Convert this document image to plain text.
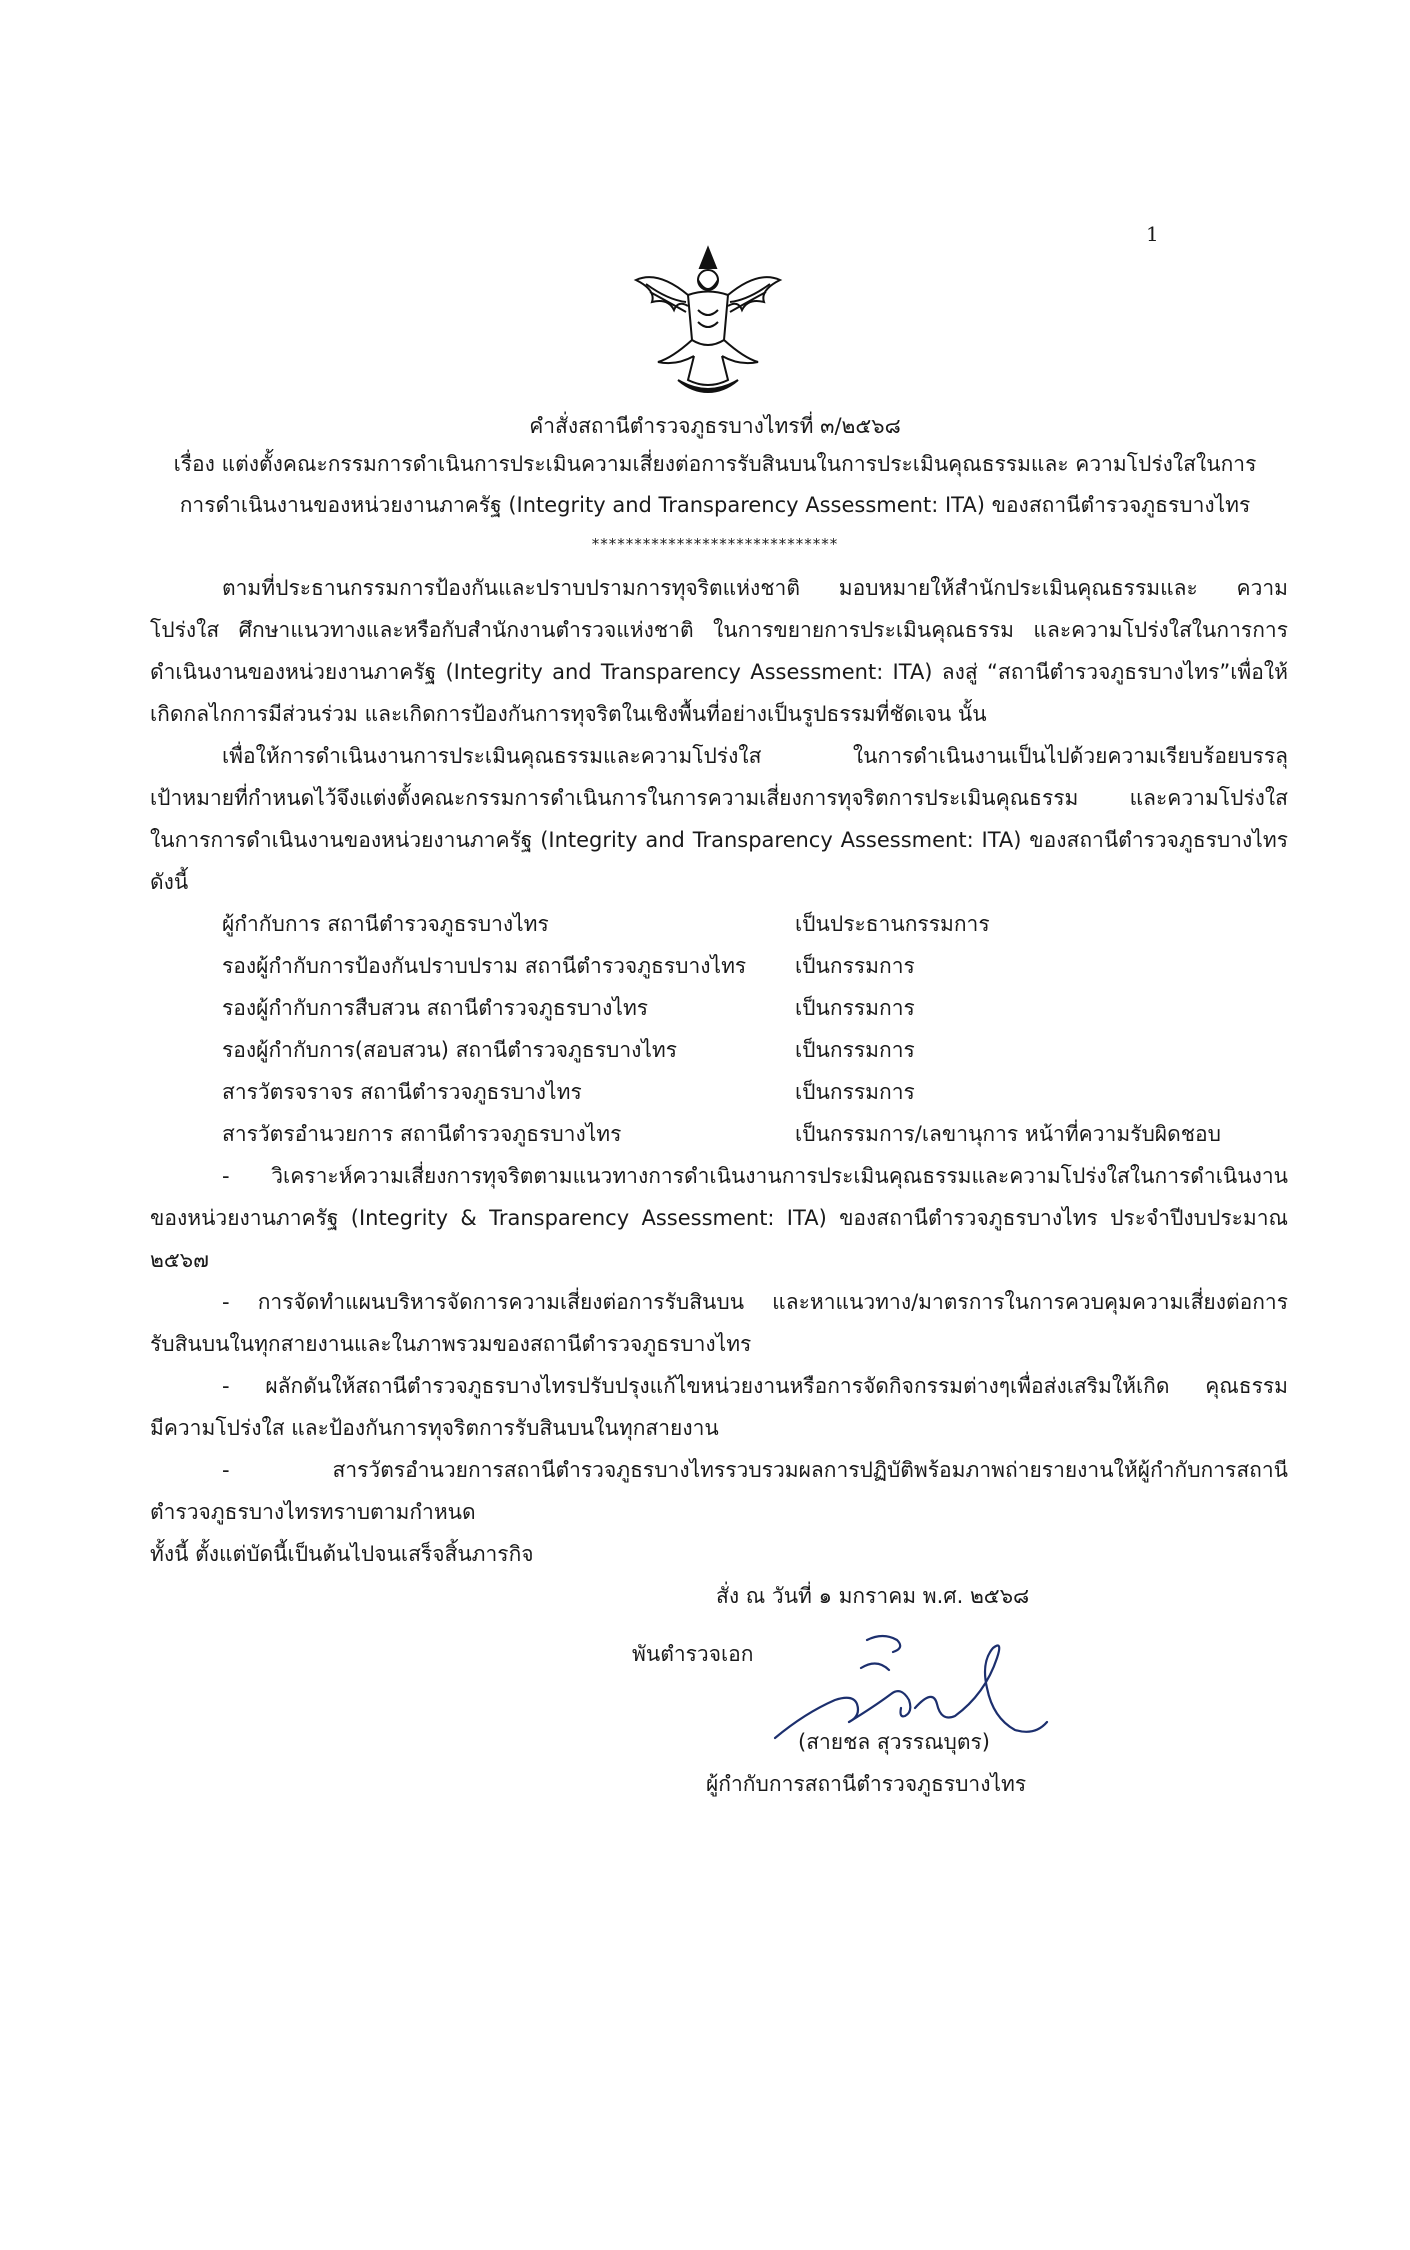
1
คำสั่งสถานีตำรวจภูธรบางไทรที่ ๓/๒๕๖๘
เรื่อง แต่งตั้งคณะกรรมการดำเนินการประเมินความเสี่ยงต่อการรับสินบนในการประเมินคุณธรรมและ ความโปร่งใสในการ
การดำเนินงานของหน่วยงานภาครัฐ (Integrity and Transparency Assessment: ITA) ของสถานีตำรวจภูธรบางไทร
*****************************
ตามที่ประธานกรรมการป้องกันและปราบปรามการทุจริตแห่งชาติ มอบหมายให้สำนักประเมินคุณธรรมและ ความ
โปร่งใส ศึกษาแนวทางและหรือกับสำนักงานตำรวจแห่งชาติ ในการขยายการประเมินคุณธรรม และความโปร่งใสในการการ
ดำเนินงานของหน่วยงานภาครัฐ (Integrity and Transparency Assessment: ITA) ลงสู่ “สถานีตำรวจภูธรบางไทร”เพื่อให้
เกิดกลไกการมีส่วนร่วม และเกิดการป้องกันการทุจริตในเชิงพื้นที่อย่างเป็นรูปธรรมที่ชัดเจน นั้น
เพื่อให้การดำเนินงานการประเมินคุณธรรมและความโปร่งใส ในการดำเนินงานเป็นไปด้วยความเรียบร้อยบรรลุ
เป้าหมายที่กำหนดไว้จึงแต่งตั้งคณะกรรมการดำเนินการในการความเสี่ยงการทุจริตการประเมินคุณธรรม และความโปร่งใส
ในการการดำเนินงานของหน่วยงานภาครัฐ (Integrity and Transparency Assessment: ITA) ของสถานีตำรวจภูธรบางไทร
ดังนี้
ผู้กำกับการ สถานีตำรวจภูธรบางไทร	เป็นประธานกรรมการ
รองผู้กำกับการป้องกันปราบปราม สถานีตำรวจภูธรบางไทร เป็นกรรมการ
รองผู้กำกับการสืบสวน สถานีตำรวจภูธรบางไทร	เป็นกรรมการ
รองผู้กำกับการ(สอบสวน) สถานีตำรวจภูธรบางไทร	เป็นกรรมการ
สารวัตรจราจร สถานีตำรวจภูธรบางไทร	เป็นกรรมการ
สารวัตรอำนวยการ สถานีตำรวจภูธรบางไทร	เป็นกรรมการ/เลขานุการ หน้าที่ความรับผิดชอบ
- วิเคราะห์ความเสี่ยงการทุจริตตามแนวทางการดำเนินงานการประเมินคุณธรรมและความโปร่งใสในการดำเนินงาน
ของหน่วยงานภาครัฐ (Integrity & Transparency Assessment: ITA) ของสถานีตำรวจภูธรบางไทร ประจำปีงบประมาณ
๒๕๖๗
- การจัดทำแผนบริหารจัดการความเสี่ยงต่อการรับสินบน และหาแนวทาง/มาตรการในการควบคุมความเสี่ยงต่อการ
รับสินบนในทุกสายงานและในภาพรวมของสถานีตำรวจภูธรบางไทร
- ผลักดันให้สถานีตำรวจภูธรบางไทรปรับปรุงแก้ไขหน่วยงานหรือการจัดกิจกรรมต่างๆเพื่อส่งเสริมให้เกิด คุณธรรม
มีความโปร่งใส และป้องกันการทุจริตการรับสินบนในทุกสายงาน
- สารวัตรอำนวยการสถานีตำรวจภูธรบางไทรรวบรวมผลการปฏิบัติพร้อมภาพถ่ายรายงานให้ผู้กำกับการสถานี
ตำรวจภูธรบางไทรทราบตามกำหนด
ทั้งนี้ ตั้งแต่บัดนี้เป็นต้นไปจนเสร็จสิ้นภารกิจ
สั่ง ณ วันที่ ๑ มกราคม พ.ศ. ๒๕๖๘
พันตำรวจเอก
(สายชล สุวรรณบุตร)
ผู้กำกับการสถานีตำรวจภูธรบางไทร
